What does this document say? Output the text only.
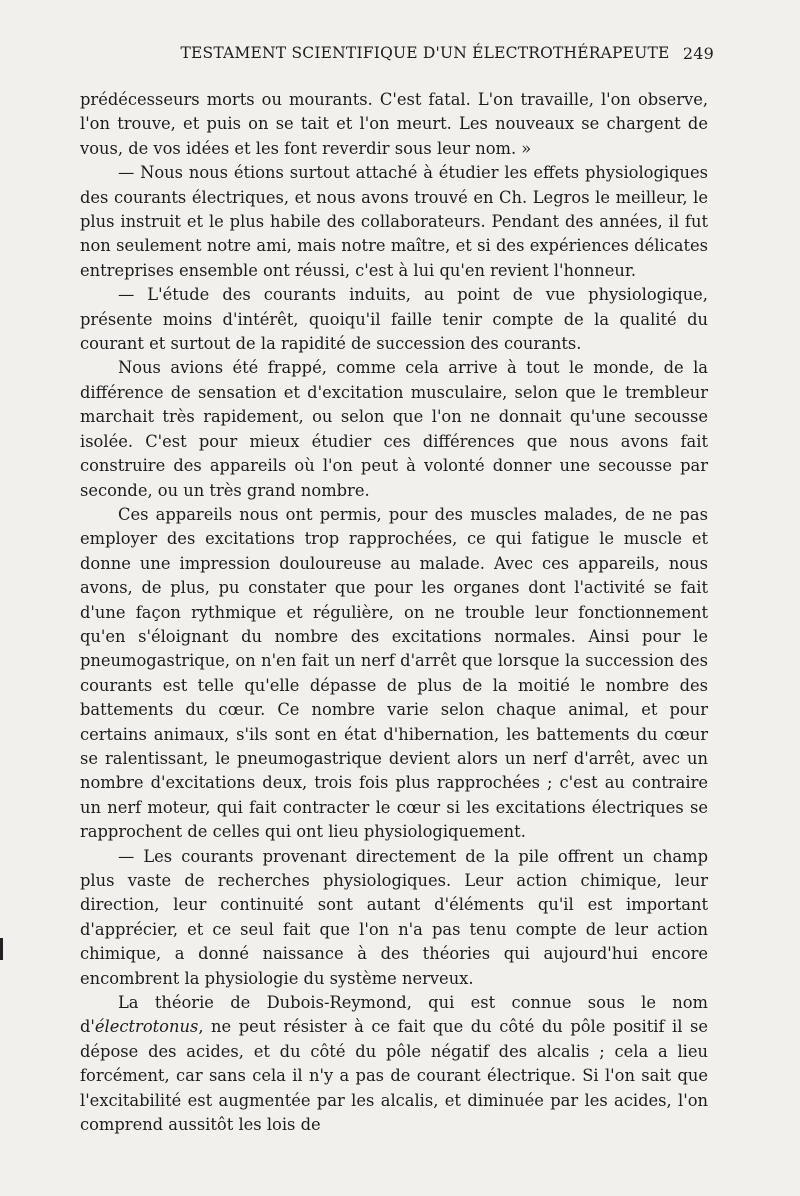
TESTAMENT SCIENTIFIQUE D'UN ÉLECTROTHÉRAPEUTE 249

prédécesseurs morts ou mourants. C'est fatal. L'on travaille, l'on observe, l'on trouve, et puis on se tait et l'on meurt. Les nouveaux se chargent de vous, de vos idées et les font reverdir sous leur nom. »

— Nous nous étions surtout attaché à étudier les effets physiologiques des courants électriques, et nous avons trouvé en Ch. Legros le meilleur, le plus instruit et le plus habile des collaborateurs. Pendant des années, il fut non seulement notre ami, mais notre maître, et si des expériences délicates entreprises ensemble ont réussi, c'est à lui qu'en revient l'honneur.

— L'étude des courants induits, au point de vue physiologique, présente moins d'intérêt, quoiqu'il faille tenir compte de la qualité du courant et surtout de la rapidité de succession des courants.

Nous avions été frappé, comme cela arrive à tout le monde, de la différence de sensation et d'excitation musculaire, selon que le trembleur marchait très rapidement, ou selon que l'on ne donnait qu'une secousse isolée. C'est pour mieux étudier ces différences que nous avons fait construire des appareils où l'on peut à volonté donner une secousse par seconde, ou un très grand nombre.

Ces appareils nous ont permis, pour des muscles malades, de ne pas employer des excitations trop rapprochées, ce qui fatigue le muscle et donne une impression douloureuse au malade. Avec ces appareils, nous avons, de plus, pu constater que pour les organes dont l'activité se fait d'une façon rythmique et régulière, on ne trouble leur fonctionnement qu'en s'éloignant du nombre des excitations normales. Ainsi pour le pneumogastrique, on n'en fait un nerf d'arrêt que lorsque la succession des courants est telle qu'elle dépasse de plus de la moitié le nombre des battements du cœur. Ce nombre varie selon chaque animal, et pour certains animaux, s'ils sont en état d'hibernation, les battements du cœur se ralentissant, le pneumogastrique devient alors un nerf d'arrêt, avec un nombre d'excitations deux, trois fois plus rapprochées ; c'est au contraire un nerf moteur, qui fait contracter le cœur si les excitations électriques se rapprochent de celles qui ont lieu physiologiquement.

— Les courants provenant directement de la pile offrent un champ plus vaste de recherches physiologiques. Leur action chimique, leur direction, leur continuité sont autant d'éléments qu'il est important d'apprécier, et ce seul fait que l'on n'a pas tenu compte de leur action chimique, a donné naissance à des théories qui aujourd'hui encore encombrent la physiologie du système nerveux.

La théorie de Dubois-Reymond, qui est connue sous le nom d'électrotonus, ne peut résister à ce fait que du côté du pôle positif il se dépose des acides, et du côté du pôle négatif des alcalis ; cela a lieu forcément, car sans cela il n'y a pas de courant électrique. Si l'on sait que l'excitabilité est augmentée par les alcalis, et diminuée par les acides, l'on comprend aussitôt les lois de
